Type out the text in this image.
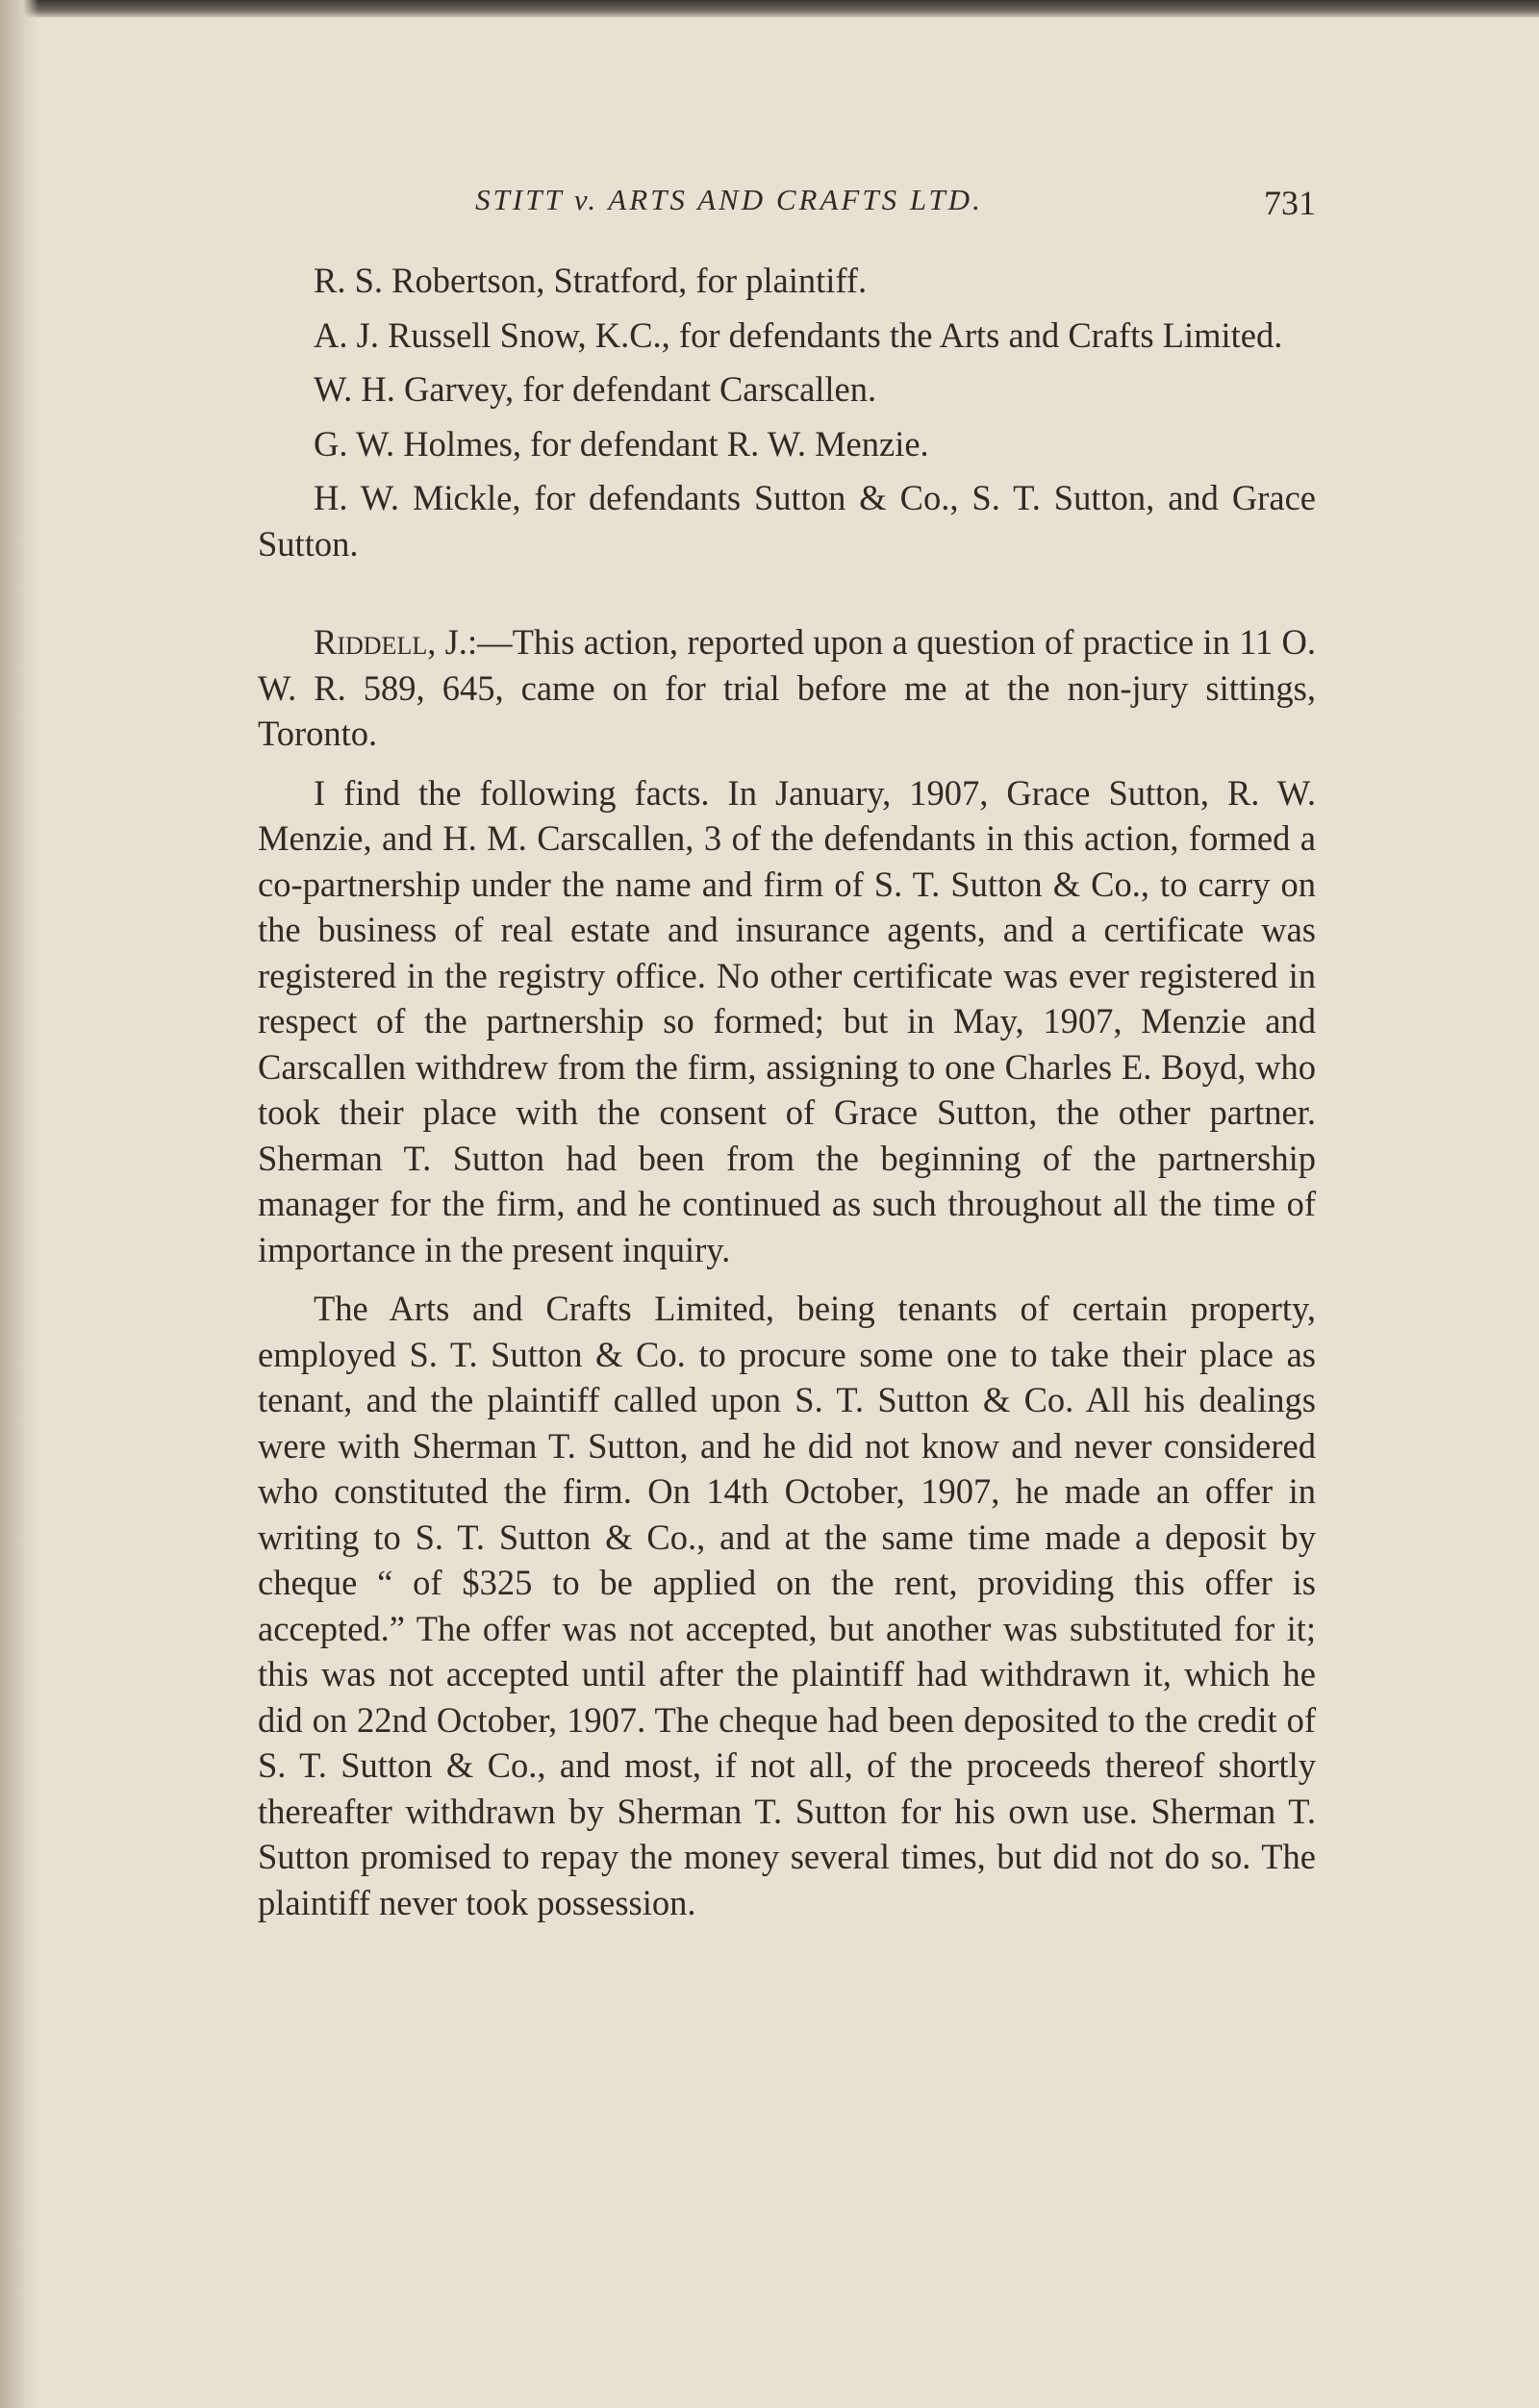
STITT v. ARTS AND CRAFTS LTD.	731

R. S. Robertson, Stratford, for plaintiff.

A. J. Russell Snow, K.C., for defendants the Arts and Crafts Limited.

W. H. Garvey, for defendant Carscallen.

G. W. Holmes, for defendant R. W. Menzie.

H. W. Mickle, for defendants Sutton & Co., S. T. Sutton, and Grace Sutton.

Riddell, J.:—This action, reported upon a question of practice in 11 O. W. R. 589, 645, came on for trial before me at the non-jury sittings, Toronto.

I find the following facts. In January, 1907, Grace Sutton, R. W. Menzie, and H. M. Carscallen, 3 of the defendants in this action, formed a co-partnership under the name and firm of S. T. Sutton & Co., to carry on the business of real estate and insurance agents, and a certificate was registered in the registry office. No other certificate was ever registered in respect of the partnership so formed; but in May, 1907, Menzie and Carscallen withdrew from the firm, assigning to one Charles E. Boyd, who took their place with the consent of Grace Sutton, the other partner. Sherman T. Sutton had been from the beginning of the partnership manager for the firm, and he continued as such throughout all the time of importance in the present inquiry.

The Arts and Crafts Limited, being tenants of certain property, employed S. T. Sutton & Co. to procure some one to take their place as tenant, and the plaintiff called upon S. T. Sutton & Co. All his dealings were with Sherman T. Sutton, and he did not know and never considered who constituted the firm. On 14th October, 1907, he made an offer in writing to S. T. Sutton & Co., and at the same time made a deposit by cheque “ of $325 to be applied on the rent, providing this offer is accepted.” The offer was not accepted, but another was substituted for it; this was not accepted until after the plaintiff had withdrawn it, which he did on 22nd October, 1907. The cheque had been deposited to the credit of S. T. Sutton & Co., and most, if not all, of the proceeds thereof shortly thereafter withdrawn by Sherman T. Sutton for his own use. Sherman T. Sutton promised to repay the money several times, but did not do so. The plaintiff never took possession.
